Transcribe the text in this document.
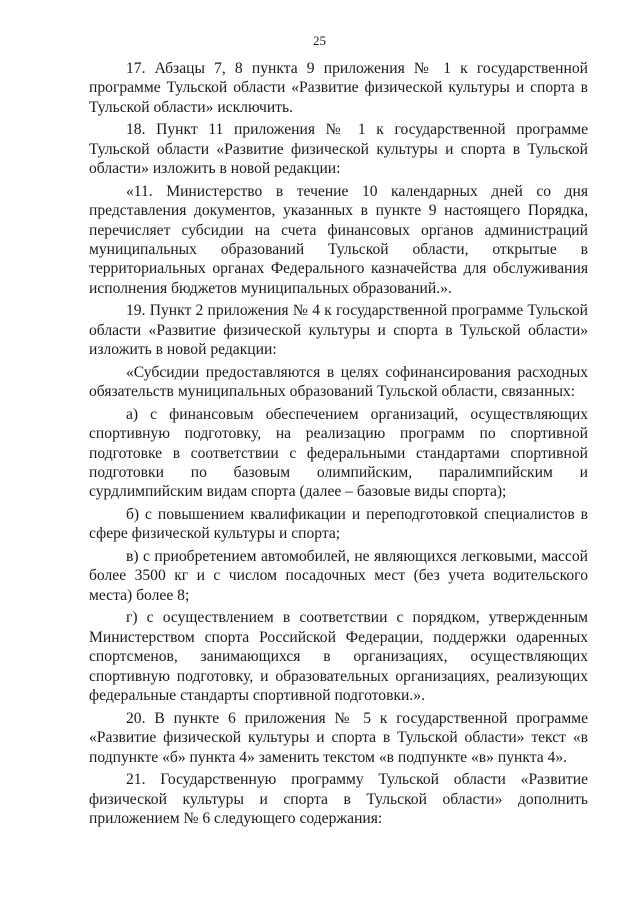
25

17. Абзацы 7, 8 пункта 9 приложения № 1 к государственной программе Тульской области «Развитие физической культуры и спорта в Тульской области» исключить.

18. Пункт 11 приложения № 1 к государственной программе Тульской области «Развитие физической культуры и спорта в Тульской области» изложить в новой редакции:

«11. Министерство в течение 10 календарных дней со дня представления документов, указанных в пункте 9 настоящего Порядка, перечисляет субсидии на счета финансовых органов администраций муниципальных образований Тульской области, открытые в территориальных органах Федерального казначейства для обслуживания исполнения бюджетов муниципальных образований.».

19. Пункт 2 приложения № 4 к государственной программе Тульской области «Развитие физической культуры и спорта в Тульской области» изложить в новой редакции:

«Субсидии предоставляются в целях софинансирования расходных обязательств муниципальных образований Тульской области, связанных:

а) с финансовым обеспечением организаций, осуществляющих спортивную подготовку, на реализацию программ по спортивной подготовке в соответствии с федеральными стандартами спортивной подготовки по базовым олимпийским, паралимпийским и сурдлимпийским видам спорта (далее – базовые виды спорта);

б) с повышением квалификации и переподготовкой специалистов в сфере физической культуры и спорта;

в) с приобретением автомобилей, не являющихся легковыми, массой более 3500 кг и с числом посадочных мест (без учета водительского места) более 8;

г) с осуществлением в соответствии с порядком, утвержденным Министерством спорта Российской Федерации, поддержки одаренных спортсменов, занимающихся в организациях, осуществляющих спортивную подготовку, и образовательных организациях, реализующих федеральные стандарты спортивной подготовки.».

20. В пункте 6 приложения № 5 к государственной программе «Развитие физической культуры и спорта в Тульской области» текст «в подпункте «б» пункта 4» заменить текстом «в подпункте «в» пункта 4».

21. Государственную программу Тульской области «Развитие физической культуры и спорта в Тульской области» дополнить приложением № 6 следующего содержания:
